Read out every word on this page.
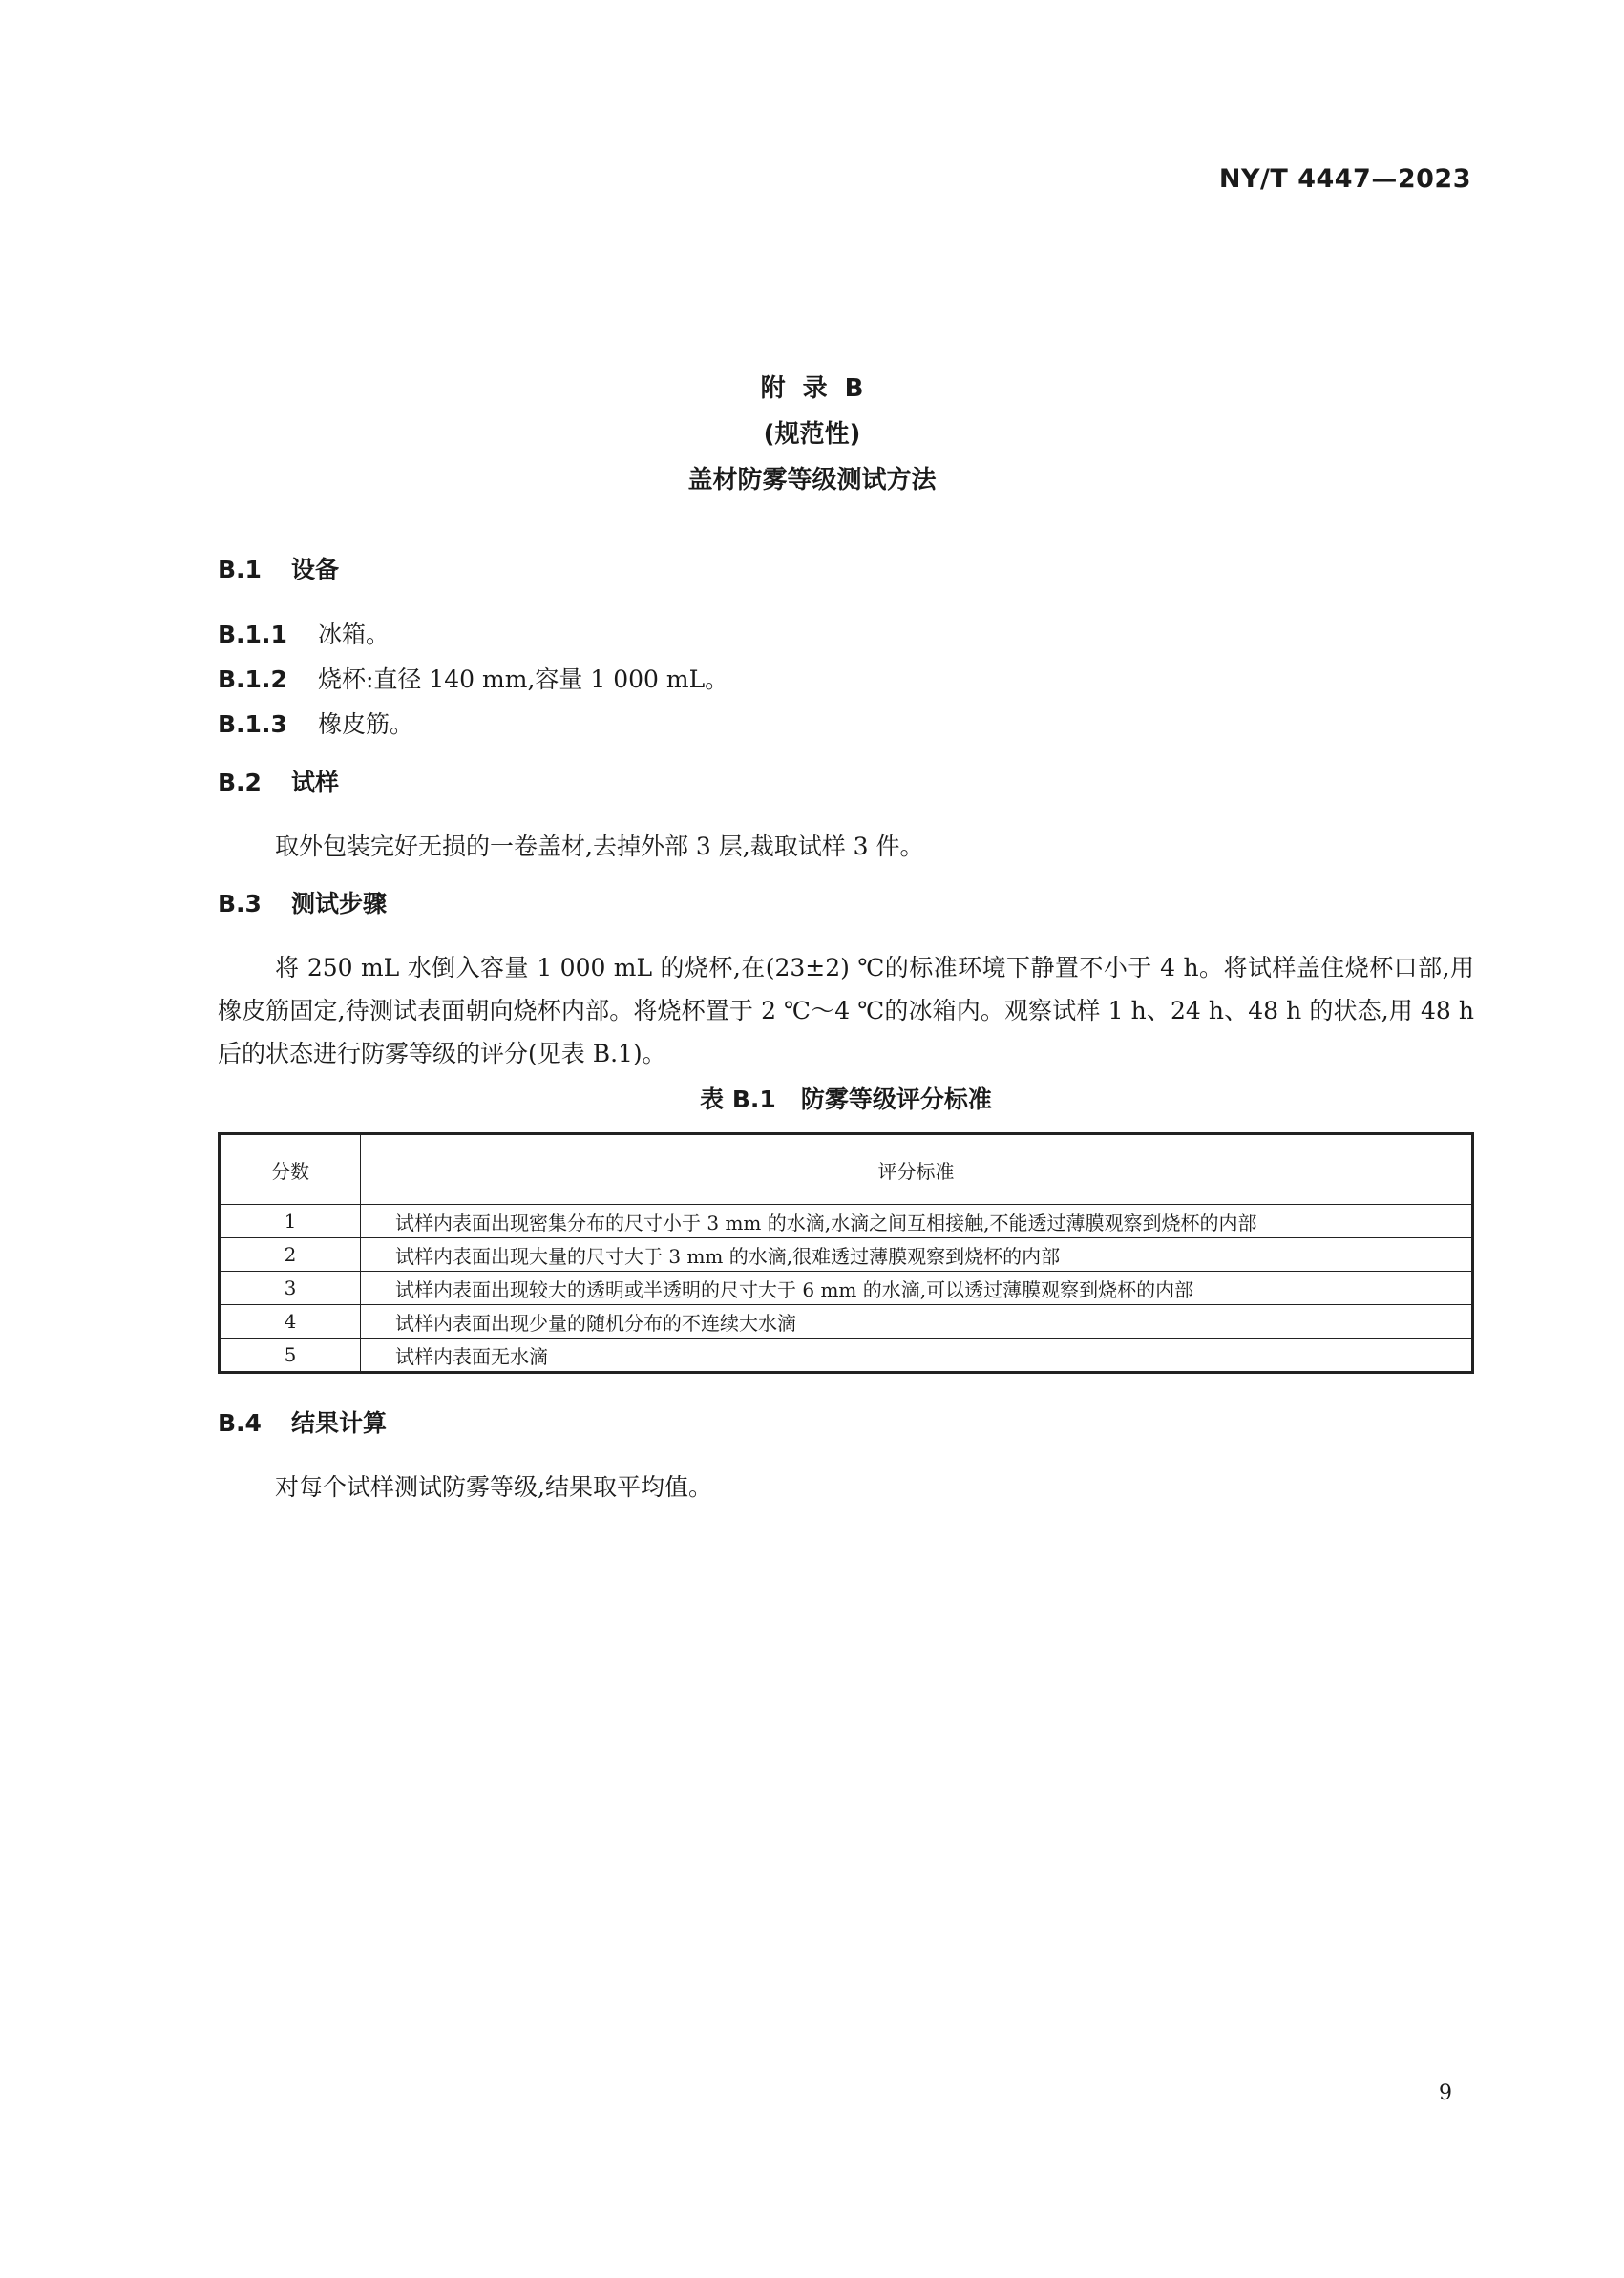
NY/T 4447—2023
附录B
(规范性)
盖材防雾等级测试方法
B.1 设备
B.1.1 冰箱。
B.1.2 烧杯:直径 140 mm,容量 1 000 mL。
B.1.3 橡皮筋。
B.2 试样

取外包装完好无损的一卷盖材,去掉外部 3 层,裁取试样 3 件。

B.3 测试步骤

将 250 mL 水倒入容量 1 000 mL 的烧杯,在(23±2) ℃的标准环境下静置不小于 4 h。将试样盖住烧杯口部,用橡皮筋固定,待测试表面朝向烧杯内部。将烧杯置于 2 ℃～4 ℃的冰箱内。观察试样 1 h、24 h、48 h 的状态,用 48 h 后的状态进行防雾等级的评分(见表 B.1)。

表 B.1 防雾等级评分标准
分数	评分标准
1	试样内表面出现密集分布的尺寸小于 3 mm 的水滴,水滴之间互相接触,不能透过薄膜观察到烧杯的内部
2	试样内表面出现大量的尺寸大于 3 mm 的水滴,很难透过薄膜观察到烧杯的内部
3	试样内表面出现较大的透明或半透明的尺寸大于 6 mm 的水滴,可以透过薄膜观察到烧杯的内部
4	试样内表面出现少量的随机分布的不连续大水滴
5	试样内表面无水滴
B.4 结果计算

对每个试样测试防雾等级,结果取平均值。

9
